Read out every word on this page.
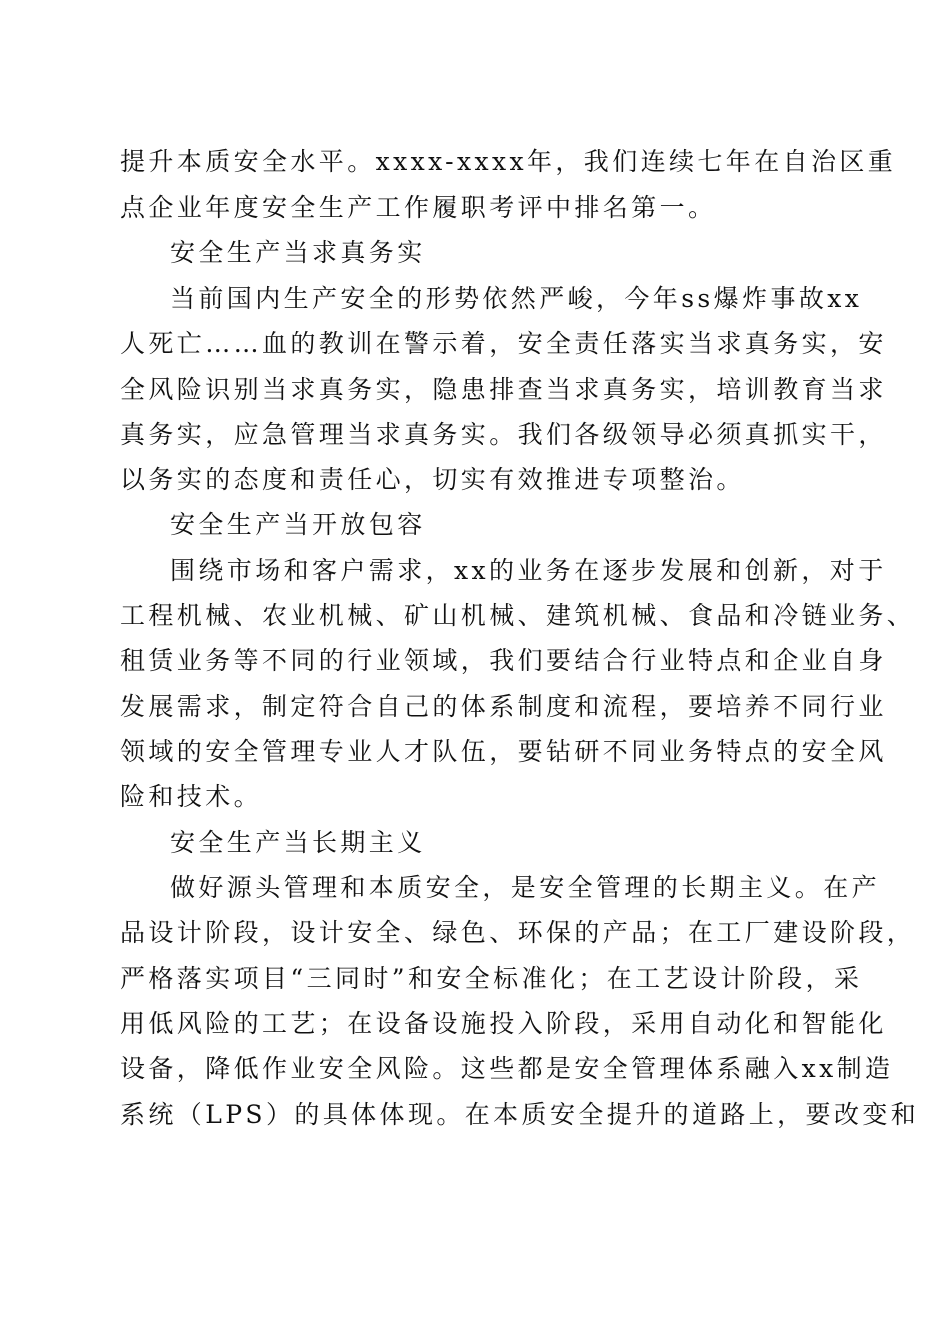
提升本质安全水平。xxxx-xxxx年，我们连续七年在自治区重
点企业年度安全生产工作履职考评中排名第一。
安全生产当求真务实
当前国内生产安全的形势依然严峻，今年ss爆炸事故xx
人死亡……血的教训在警示着，安全责任落实当求真务实，安
全风险识别当求真务实，隐患排查当求真务实，培训教育当求
真务实，应急管理当求真务实。我们各级领导必须真抓实干，
以务实的态度和责任心，切实有效推进专项整治。
安全生产当开放包容
围绕市场和客户需求，xx的业务在逐步发展和创新，对于
工程机械、农业机械、矿山机械、建筑机械、食品和冷链业务、
租赁业务等不同的行业领域，我们要结合行业特点和企业自身
发展需求，制定符合自己的体系制度和流程，要培养不同行业
领域的安全管理专业人才队伍，要钻研不同业务特点的安全风
险和技术。
安全生产当长期主义
做好源头管理和本质安全，是安全管理的长期主义。在产
品设计阶段，设计安全、绿色、环保的产品；在工厂建设阶段，
严格落实项目“三同时”和安全标准化；在工艺设计阶段，采
用低风险的工艺；在设备设施投入阶段，采用自动化和智能化
设备，降低作业安全风险。这些都是安全管理体系融入xx制造
系统（LPS）的具体体现。在本质安全提升的道路上，要改变和
